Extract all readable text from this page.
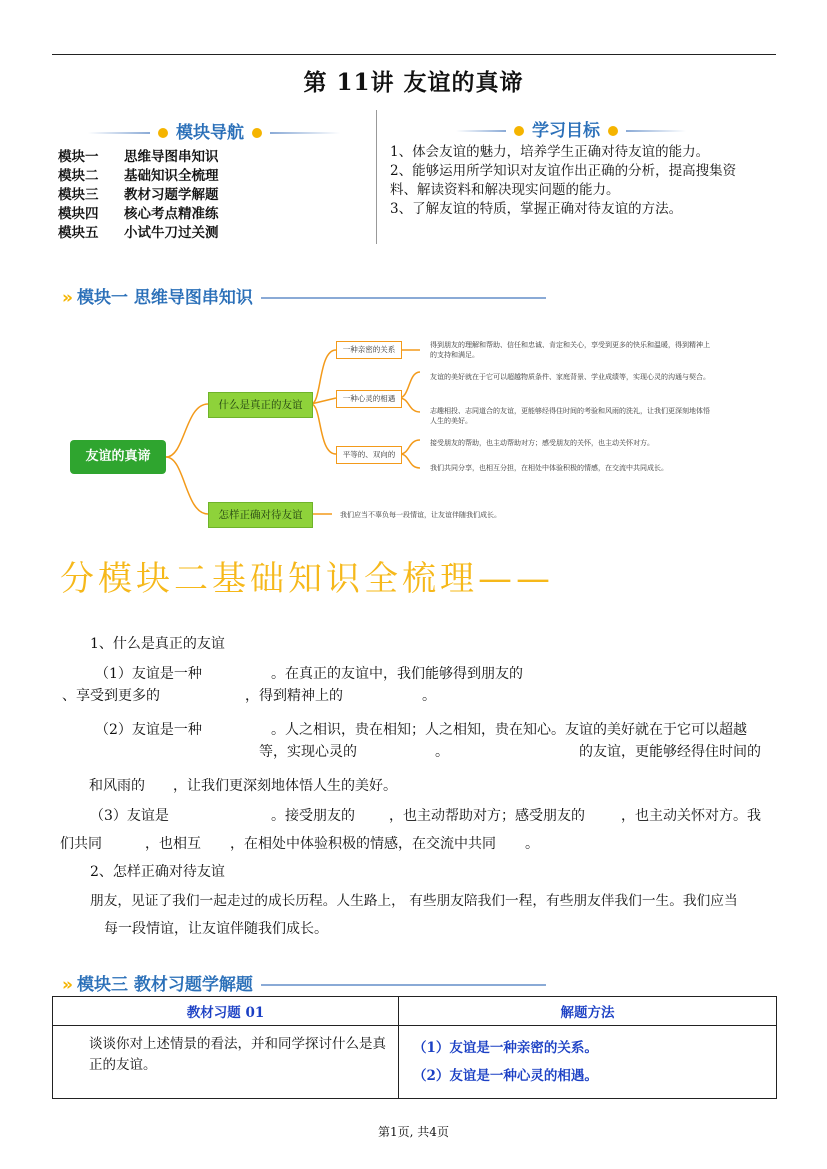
第 11讲 友谊的真谛
模块导航	学习目标
模块一 思维导图串知识
模块二 基础知识全梳理
模块三 教材习题学解题
模块四 核心考点精准练
模块五 小试牛刀过关测
1、体会友谊的魅力，培养学生正确对待友谊的能力。
2、能够运用所学知识对友谊作出正确的分析，提高搜集资料、解读资料和解决现实问题的能力。
3、了解友谊的特质，掌握正确对待友谊的方法。
» 模块一 思维导图串知识
友谊的真谛
什么是真正的友谊
怎样正确对待友谊
一种亲密的关系
一种心灵的相遇
平等的、双向的
得到朋友的理解和帮助、信任和忠诚、肯定和关心，享受到更多的快乐和温暖，得到精神上的支持和满足。
友谊的美好就在于它可以超越物质条件、家庭背景、学业成绩等，实现心灵的沟通与契合。
志趣相投、志同道合的友谊，更能够经得住时间的考验和风雨的洗礼，让我们更深刻地体悟人生的美好。
接受朋友的帮助，也主动帮助对方；感受朋友的关怀，也主动关怀对方。
我们共同分享，也相互分担，在相处中体验积极的情感，在交流中共同成长。
我们应当不辜负每一段情谊，让友谊伴随我们成长。
分模块二基础知识全梳理——
1、什么是真正的友谊
（1）友谊是一种	。在真正的友谊中，我们能够得到朋友的
、享受到更多的	，得到精神上的	。
（2）友谊是一种	。人之相识，贵在相知；人之相知，贵在知心。友谊的美好就在于它可以超越
等，实现心灵的	。	的友谊，更能够经得住时间的
和风雨的 ，让我们更深刻地体悟人生的美好。
（3）友谊是	。接受朋友的 ，也主动帮助对方；感受朋友的	，也主动关怀对方。我
们共同	，也相互 ，在相处中体验积极的情感，在交流中共同 。
2、怎样正确对待友谊
朋友，见证了我们一起走过的成长历程。人生路上， 有些朋友陪我们一程，有些朋友伴我们一生。我们应当
每一段情谊，让友谊伴随我们成长。
» 模块三 教材习题学解题
教材习题 01	解题方法
谈谈你对上述情景的看法，并和同学探讨什么是真正的友谊。	（1）友谊是一种亲密的关系。
（2）友谊是一种心灵的相遇。
第1页, 共4页
